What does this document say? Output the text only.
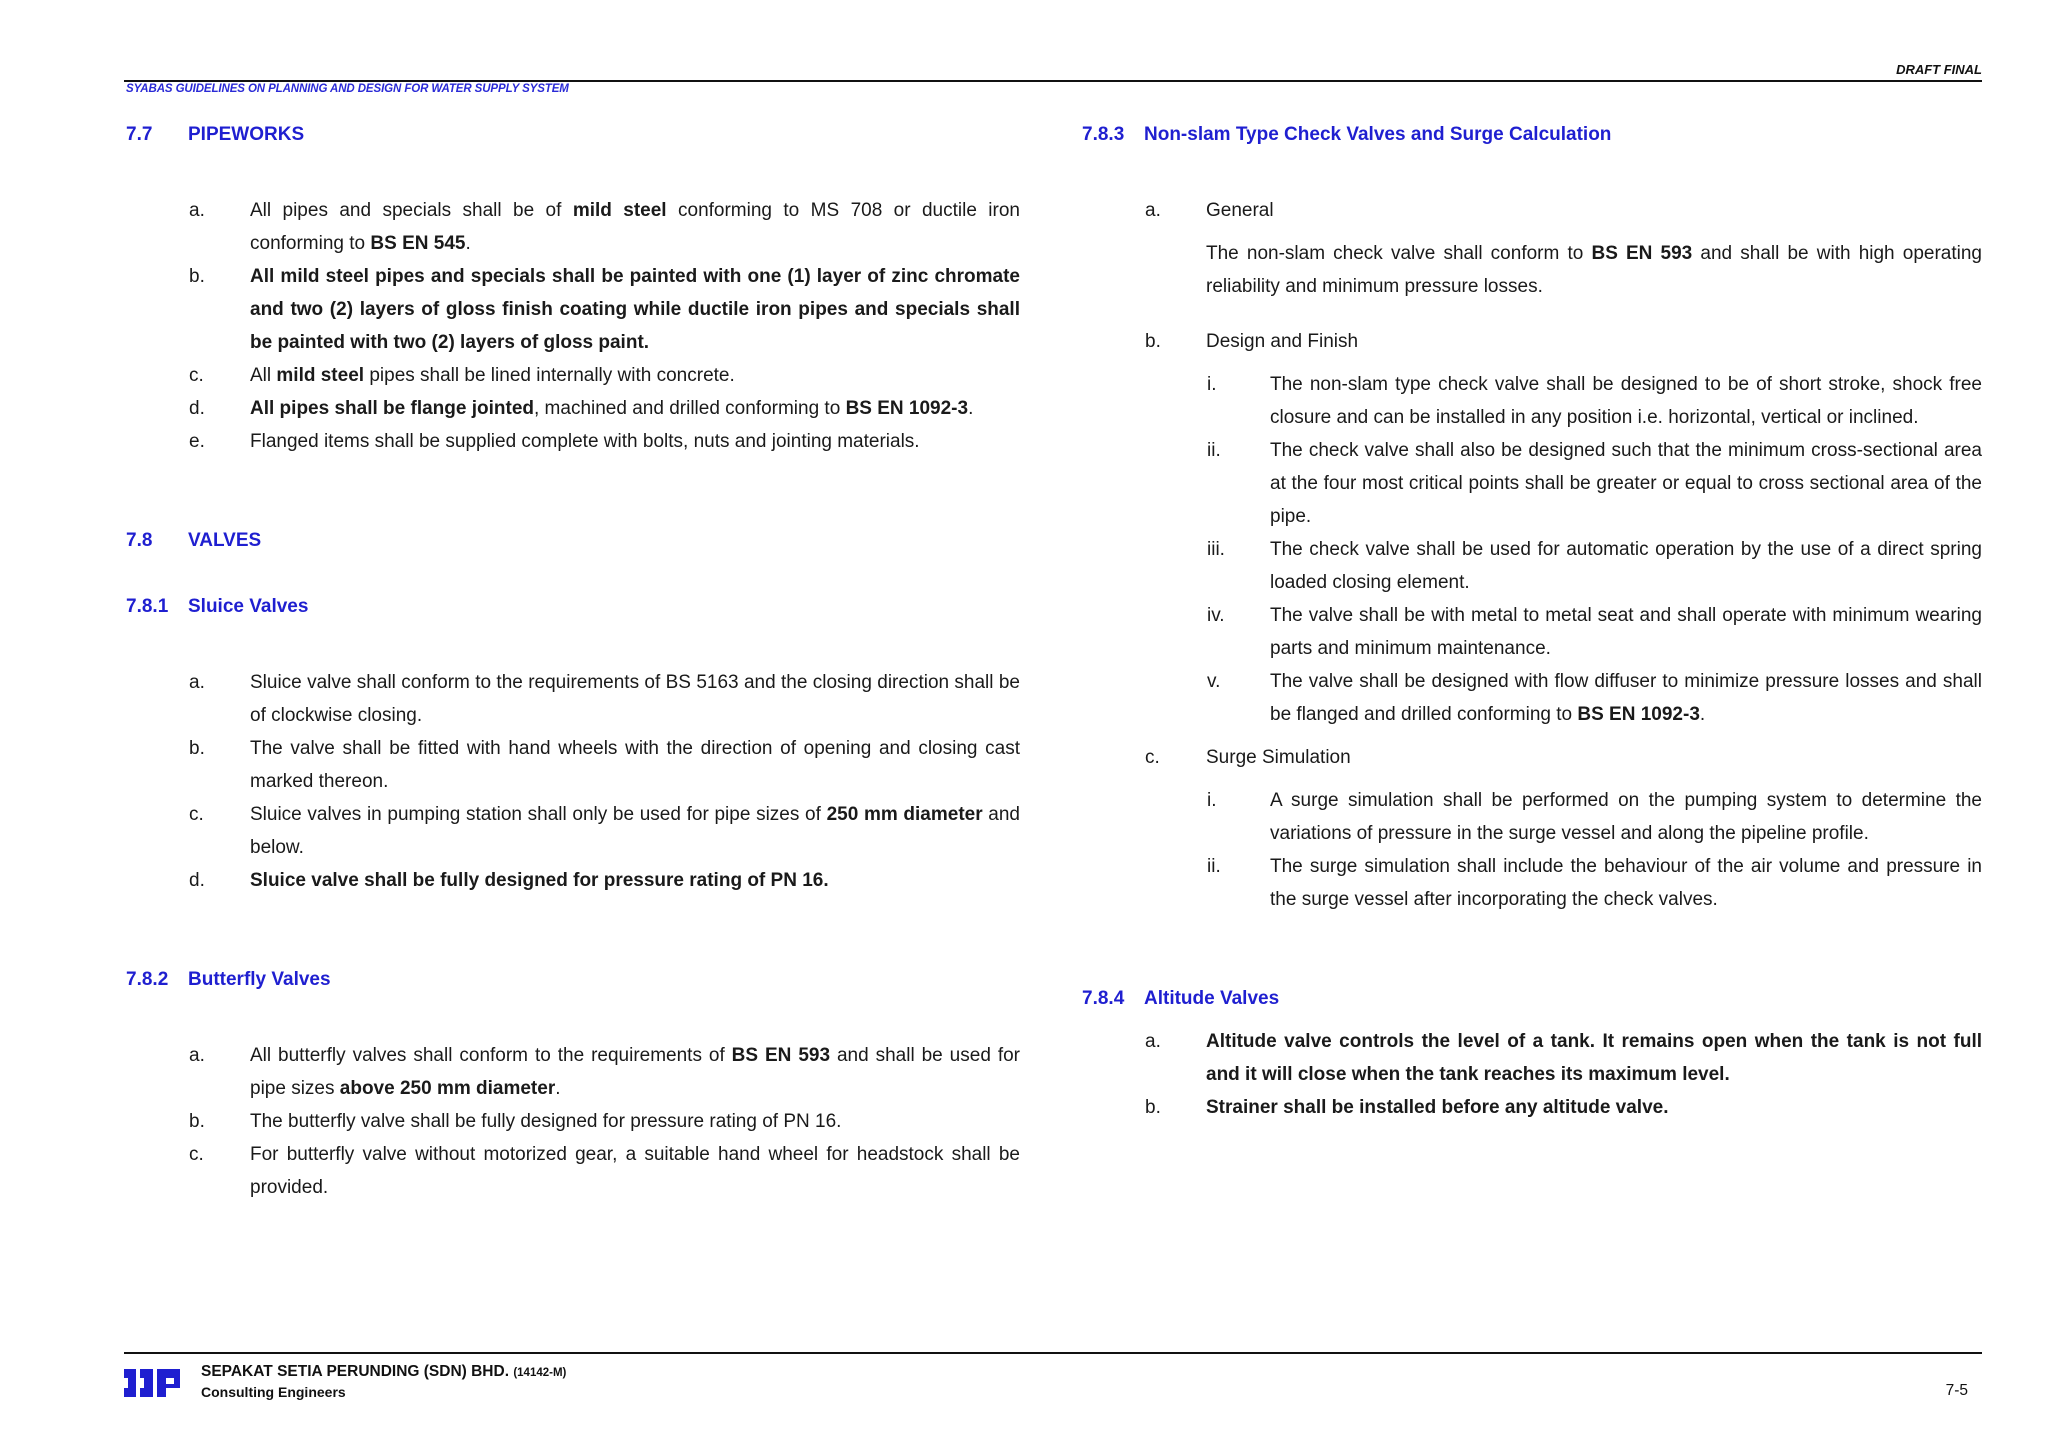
DRAFT FINAL
SYABAS GUIDELINES ON PLANNING AND DESIGN FOR WATER SUPPLY SYSTEM
7.7 PIPEWORKS
a. All pipes and specials shall be of mild steel conforming to MS 708 or ductile iron conforming to BS EN 545.
b. All mild steel pipes and specials shall be painted with one (1) layer of zinc chromate and two (2) layers of gloss finish coating while ductile iron pipes and specials shall be painted with two (2) layers of gloss paint.
c. All mild steel pipes shall be lined internally with concrete.
d. All pipes shall be flange jointed, machined and drilled conforming to BS EN 1092-3.
e. Flanged items shall be supplied complete with bolts, nuts and jointing materials.
7.8 VALVES
7.8.1 Sluice Valves
a. Sluice valve shall conform to the requirements of BS 5163 and the closing direction shall be of clockwise closing.
b. The valve shall be fitted with hand wheels with the direction of opening and closing cast marked thereon.
c. Sluice valves in pumping station shall only be used for pipe sizes of 250 mm diameter and below.
d. Sluice valve shall be fully designed for pressure rating of PN 16.
7.8.2 Butterfly Valves
a. All butterfly valves shall conform to the requirements of BS EN 593 and shall be used for pipe sizes above 250 mm diameter.
b. The butterfly valve shall be fully designed for pressure rating of PN 16.
c. For butterfly valve without motorized gear, a suitable hand wheel for headstock shall be provided.
7.8.3 Non-slam Type Check Valves and Surge Calculation
a. General
The non-slam check valve shall conform to BS EN 593 and shall be with high operating reliability and minimum pressure losses.
b. Design and Finish
i.	The non-slam type check valve shall be designed to be of short stroke, shock free closure and can be installed in any position i.e. horizontal, vertical or inclined.
ii.	The check valve shall also be designed such that the minimum cross-sectional area at the four most critical points shall be greater or equal to cross sectional area of the pipe.
iii. The check valve shall be used for automatic operation by the use of a direct spring loaded closing element.
iv. The valve shall be with metal to metal seat and shall operate with minimum wearing parts and minimum maintenance.
v.	The valve shall be designed with flow diffuser to minimize pressure losses and shall be flanged and drilled conforming to BS EN 1092-3.
c. Surge Simulation
i.	A surge simulation shall be performed on the pumping system to determine the variations of pressure in the surge vessel and along the pipeline profile.
ii.	The surge simulation shall include the behaviour of the air volume and pressure in the surge vessel after incorporating the check valves.
7.8.4 Altitude Valves
a. Altitude valve controls the level of a tank. It remains open when the tank is not full and it will close when the tank reaches its maximum level.
b. Strainer shall be installed before any altitude valve.
SEPAKAT SETIA PERUNDING (SDN) BHD. (14142-M)
Consulting Engineers	7-5
